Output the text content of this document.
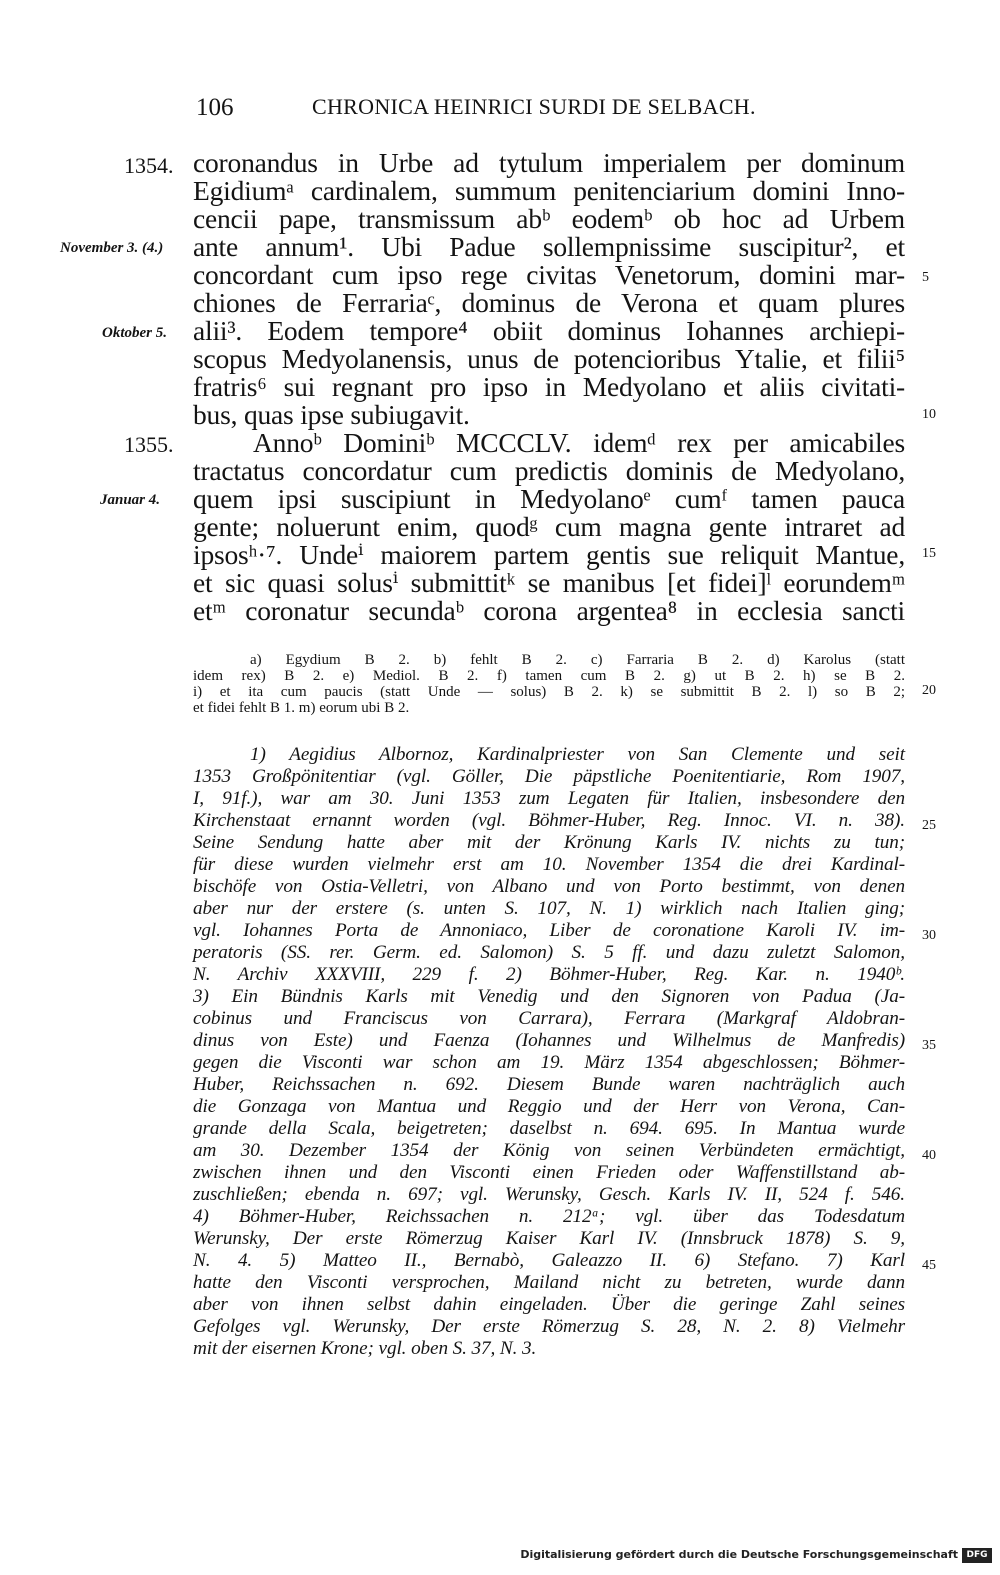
106	CHRONICA HEINRICI SURDI DE SELBACH.
1354.
1355.
November 3. (4.)
Oktober 5.
Januar 4.
coronandus in Urbe ad tytulum imperialem per dominum
Egidiumᵃ cardinalem, summum penitenciarium domini Inno-
cencii pape, transmissum abᵇ eodemᵇ ob hoc ad Urbem
ante annum¹. Ubi Padue sollempnissime suscipitur², et
concordant cum ipso rege civitas Venetorum, domini mar-
chiones de Ferrariaᶜ, dominus de Verona et quam plures
alii³. Eodem tempore⁴ obiit dominus Iohannes archiepi-
scopus Medyolanensis, unus de potencioribus Ytalie, et filii⁵
fratris⁶ sui regnant pro ipso in Medyolano et aliis civitati-
bus, quas ipse subiugavit.
Annoᵇ Dominiᵇ MCCCLV. idemᵈ rex per amicabiles
tractatus concordatur cum predictis dominis de Medyolano,
quem ipsi suscipiunt in Medyolanoᵉ cumᶠ tamen pauca
gente; noluerunt enim, quodᵍ cum magna gente intraret ad
ipsosʰ·⁷. Undeⁱ maiorem partem gentis sue reliquit Mantue,
et sic quasi solusⁱ submittitᵏ se manibus [et fidei]ˡ eorundemᵐ
etᵐ coronatur secundaᵇ corona argentea⁸ in ecclesia sancti
a) Egydium B 2. b) fehlt B 2. c) Farraria B 2. d) Karolus (statt
idem rex) B 2. e) Mediol. B 2. f) tamen cum B 2. g) ut B 2. h) se B 2.
i) et ita cum paucis (statt Unde — solus) B 2. k) se submittit B 2. l) so B 2;
et fidei fehlt B 1. m) eorum ubi B 2.
1) Aegidius Albornoz, Kardinalpriester von San Clemente und seit
1353 Großpönitentiar (vgl. Göller, Die päpstliche Poenitentiarie, Rom 1907,
I, 91f.), war am 30. Juni 1353 zum Legaten für Italien, insbesondere den
Kirchenstaat ernannt worden (vgl. Böhmer-Huber, Reg. Innoc. VI. n. 38).
Seine Sendung hatte aber mit der Krönung Karls IV. nichts zu tun;
für diese wurden vielmehr erst am 10. November 1354 die drei Kardinal-
bischöfe von Ostia-Velletri, von Albano und von Porto bestimmt, von denen
aber nur der erstere (s. unten S. 107, N. 1) wirklich nach Italien ging;
vgl. Iohannes Porta de Annoniaco, Liber de coronatione Karoli IV. im-
peratoris (SS. rer. Germ. ed. Salomon) S. 5 ff. und dazu zuletzt Salomon,
N. Archiv XXXVIII, 229 f. 2) Böhmer-Huber, Reg. Kar. n. 1940ᵇ.
3) Ein Bündnis Karls mit Venedig und den Signoren von Padua (Ja-
cobinus und Franciscus von Carrara), Ferrara (Markgraf Aldobran-
dinus von Este) und Faenza (Iohannes und Wilhelmus de Manfredis)
gegen die Visconti war schon am 19. März 1354 abgeschlossen; Böhmer-
Huber, Reichssachen n. 692. Diesem Bunde waren nachträglich auch
die Gonzaga von Mantua und Reggio und der Herr von Verona, Can-
grande della Scala, beigetreten; daselbst n. 694. 695. In Mantua wurde
am 30. Dezember 1354 der König von seinen Verbündeten ermächtigt,
zwischen ihnen und den Visconti einen Frieden oder Waffenstillstand ab-
zuschließen; ebenda n. 697; vgl. Werunsky, Gesch. Karls IV. II, 524 f. 546.
4) Böhmer-Huber, Reichssachen n. 212ᵃ; vgl. über das Todesdatum
Werunsky, Der erste Römerzug Kaiser Karl IV. (Innsbruck 1878) S. 9,
N. 4. 5) Matteo II., Bernabò, Galeazzo II. 6) Stefano. 7) Karl
hatte den Visconti versprochen, Mailand nicht zu betreten, wurde dann
aber von ihnen selbst dahin eingeladen. Über die geringe Zahl seines
Gefolges vgl. Werunsky, Der erste Römerzug S. 28, N. 2. 8) Vielmehr
mit der eisernen Krone; vgl. oben S. 37, N. 3.
5
10
15
20
25
30
35
40
45
Digitalisierung gefördert durch die Deutsche Forschungsgemeinschaft DFG
